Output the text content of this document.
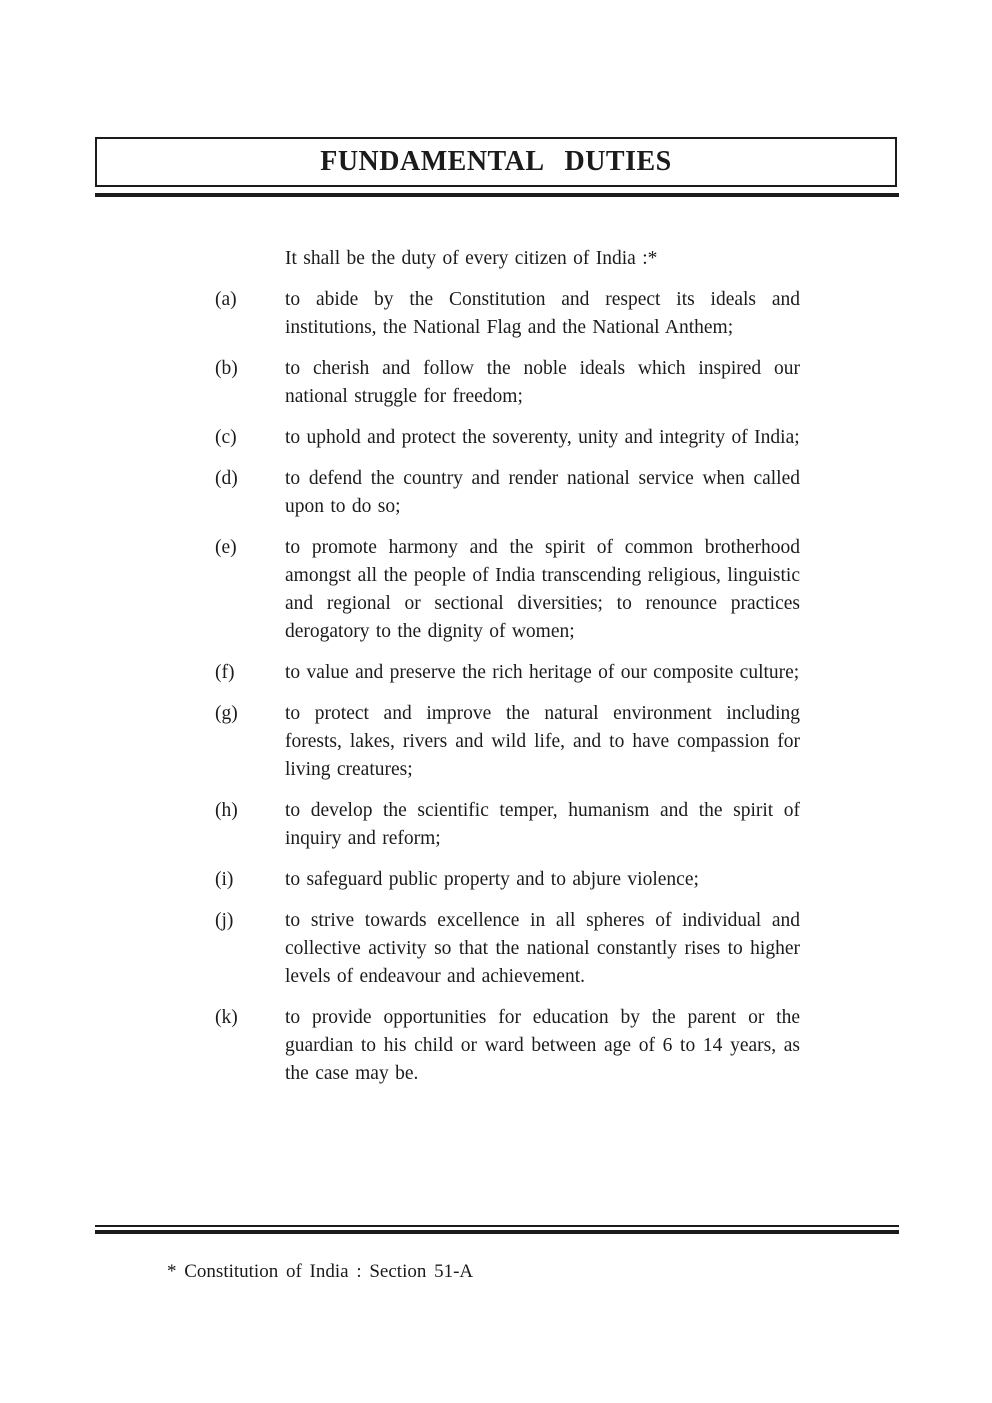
FUNDAMENTAL DUTIES

It shall be the duty of every citizen of India :*

(a)	to abide by the Constitution and respect its ideals and institutions, the National Flag and the National Anthem;
(b)	to cherish and follow the noble ideals which inspired our national struggle for freedom;
(c)	to uphold and protect the soverenty, unity and integrity of India;
(d)	to defend the country and render national service when called upon to do so;
(e)	to promote harmony and the spirit of common brotherhood amongst all the people of India transcending religious, linguistic and regional or sectional diversities; to renounce practices derogatory to the dignity of women;
(f)	to value and preserve the rich heritage of our composite culture;
(g)	to protect and improve the natural environment including forests, lakes, rivers and wild life, and to have compassion for living creatures;
(h)	to develop the scientific temper, humanism and the spirit of inquiry and reform;
(i)	to safeguard public property and to abjure violence;
(j)	to strive towards excellence in all spheres of individual and collective activity so that the national constantly rises to higher levels of endeavour and achievement.
(k)	to provide opportunities for education by the parent or the guardian to his child or ward between age of 6 to 14 years, as the case may be.

* Constitution of India : Section 51-A
